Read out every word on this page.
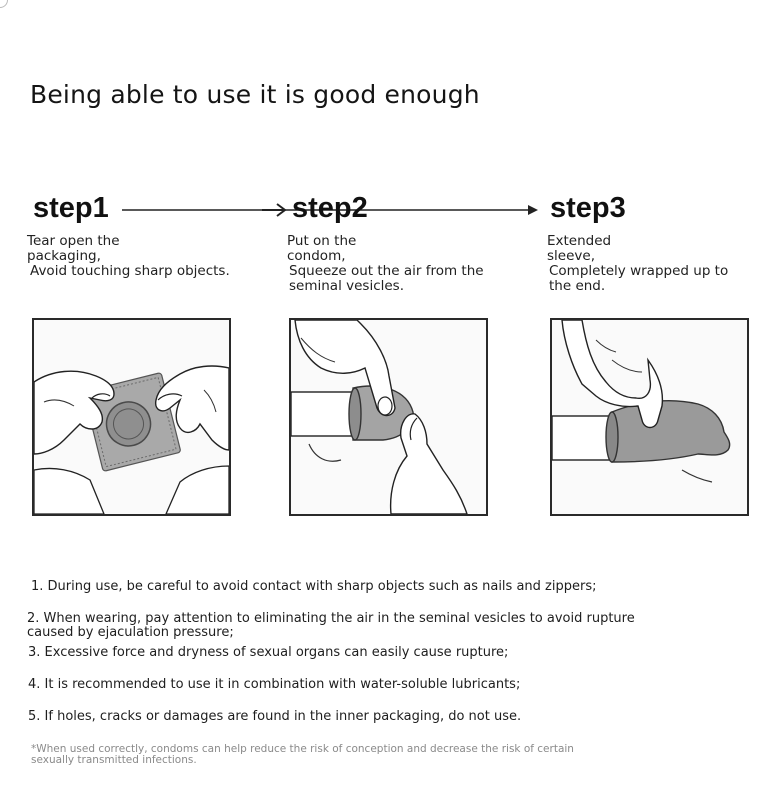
Being able to use it is good enough
step1	step2	step3
Tear open the
packaging,
Avoid touching sharp objects.
Put on the
condom,
Squeeze out the air from the
seminal vesicles.
Extended
sleeve,
Completely wrapped up to
the end.
1. During use, be careful to avoid contact with sharp objects such as nails and zippers;
2. When wearing, pay attention to eliminating the air in the seminal vesicles to avoid rupture
caused by ejaculation pressure;
3. Excessive force and dryness of sexual organs can easily cause rupture;
4. It is recommended to use it in combination with water-soluble lubricants;
5. If holes, cracks or damages are found in the inner packaging, do not use.
*When used correctly, condoms can help reduce the risk of conception and decrease the risk of certain
sexually transmitted infections.
